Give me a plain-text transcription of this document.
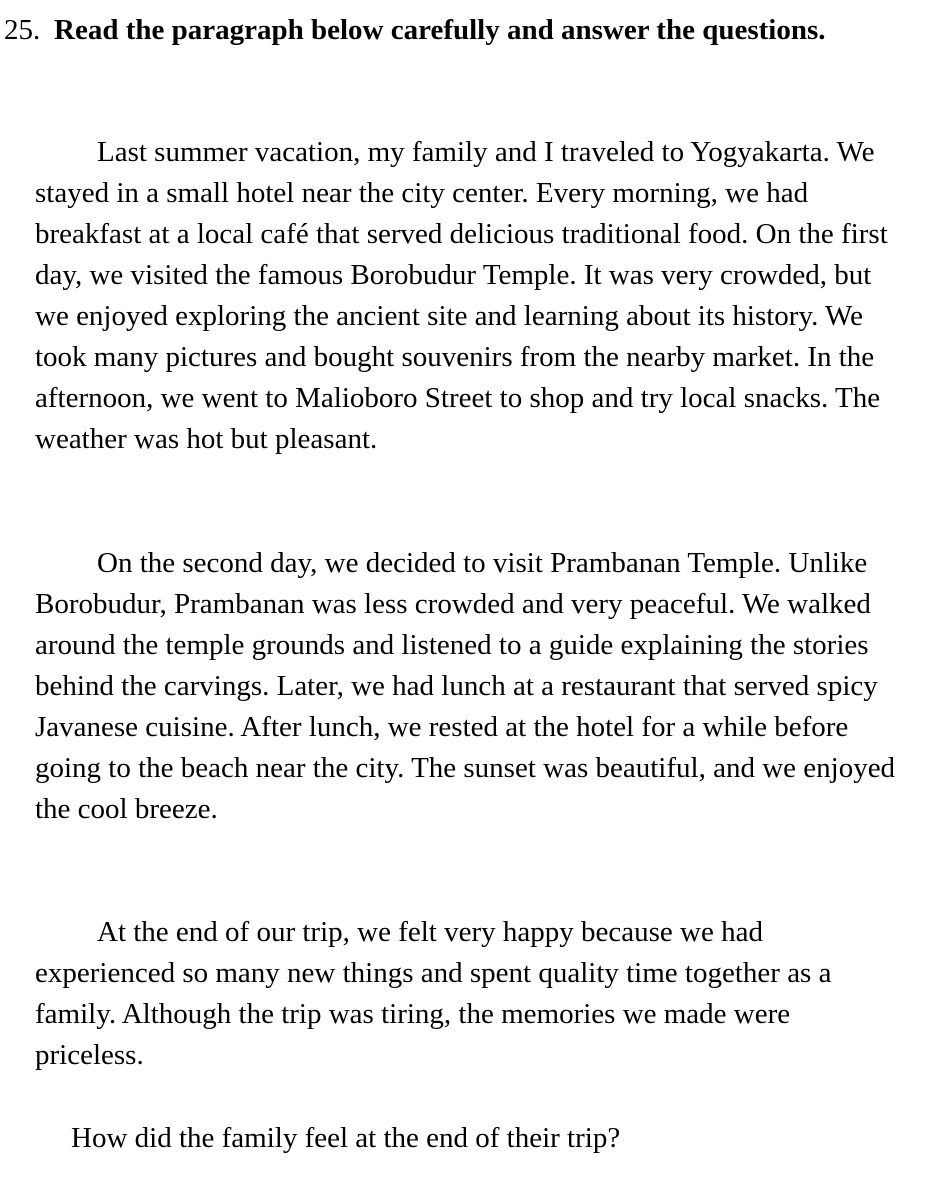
25. Read the paragraph below carefully and answer the questions.

Last summer vacation, my family and I traveled to Yogyakarta. We stayed in a small hotel near the city center. Every morning, we had breakfast at a local café that served delicious traditional food. On the first day, we visited the famous Borobudur Temple. It was very crowded, but we enjoyed exploring the ancient site and learning about its history. We took many pictures and bought souvenirs from the nearby market. In the afternoon, we went to Malioboro Street to shop and try local snacks. The weather was hot but pleasant.

On the second day, we decided to visit Prambanan Temple. Unlike Borobudur, Prambanan was less crowded and very peaceful. We walked around the temple grounds and listened to a guide explaining the stories behind the carvings. Later, we had lunch at a restaurant that served spicy Javanese cuisine. After lunch, we rested at the hotel for a while before going to the beach near the city. The sunset was beautiful, and we enjoyed the cool breeze.

At the end of our trip, we felt very happy because we had experienced so many new things and spent quality time together as a family. Although the trip was tiring, the memories we made were priceless.

How did the family feel at the end of their trip?
